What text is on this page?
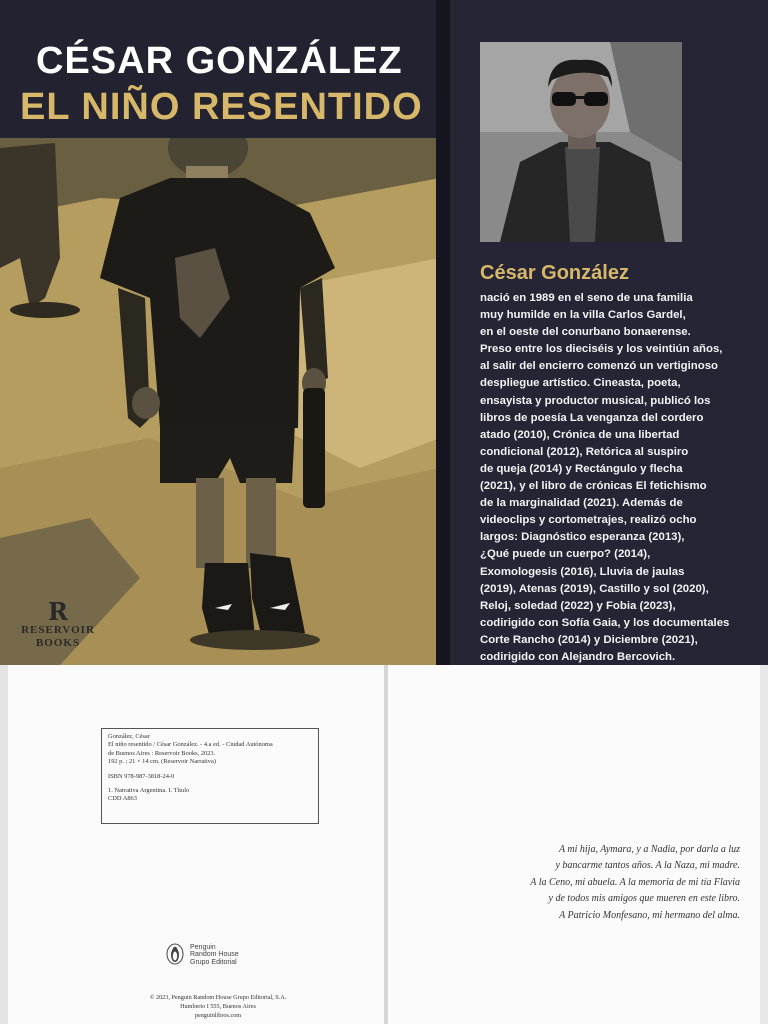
CÉSAR GONZÁLEZ
EL NIÑO RESENTIDO
R
RESERVOIR
BOOKS
César González

nació en 1989 en el seno de una familia

muy humilde en la villa Carlos Gardel,

en el oeste del conurbano bonaerense.

Preso entre los dieciséis y los veintiún años,

al salir del encierro comenzó un vertiginoso

despliegue artístico. Cineasta, poeta,

ensayista y productor musical, publicó los

libros de poesía La venganza del cordero

atado (2010), Crónica de una libertad

condicional (2012), Retórica al suspiro

de queja (2014) y Rectángulo y flecha

(2021), y el libro de crónicas El fetichismo

de la marginalidad (2021). Además de

videoclips y cortometrajes, realizó ocho

largos: Diagnóstico esperanza (2013),

¿Qué puede un cuerpo? (2014),

Exomologesis (2016), Lluvia de jaulas

(2019), Atenas (2019), Castillo y sol (2020),

Reloj, soledad (2022) y Fobia (2023),

codirigido con Sofía Gaia, y los documentales

Corte Rancho (2014) y Diciembre (2021),

codirigido con Alejandro Bercovich.

González, César
El niño resentido / César González. - 4.a ed. - Ciudad Autónoma
de Buenos Aires : Reservoir Books, 2023.
192 p. ; 21 × 14 cm. (Reservoir Narrativa)
ISBN 978-987-3818-24-0
1. Narrativa Argentina. I. Título
CDD A863
Penguin
Random House
Grupo Editorial
© 2023, Penguin Random House Grupo Editorial, S.A.
Humberto I 555, Buenos Aires
penguinlibros.com
A mi hija, Aymara, y a Nadia, por darla a luz
y bancarme tantos años. A la Naza, mi madre.
A la Ceno, mi abuela. A la memoria de mi tía Flavia
y de todos mis amigos que mueren en este libro.
A Patricio Monfesano, mi hermano del alma.
